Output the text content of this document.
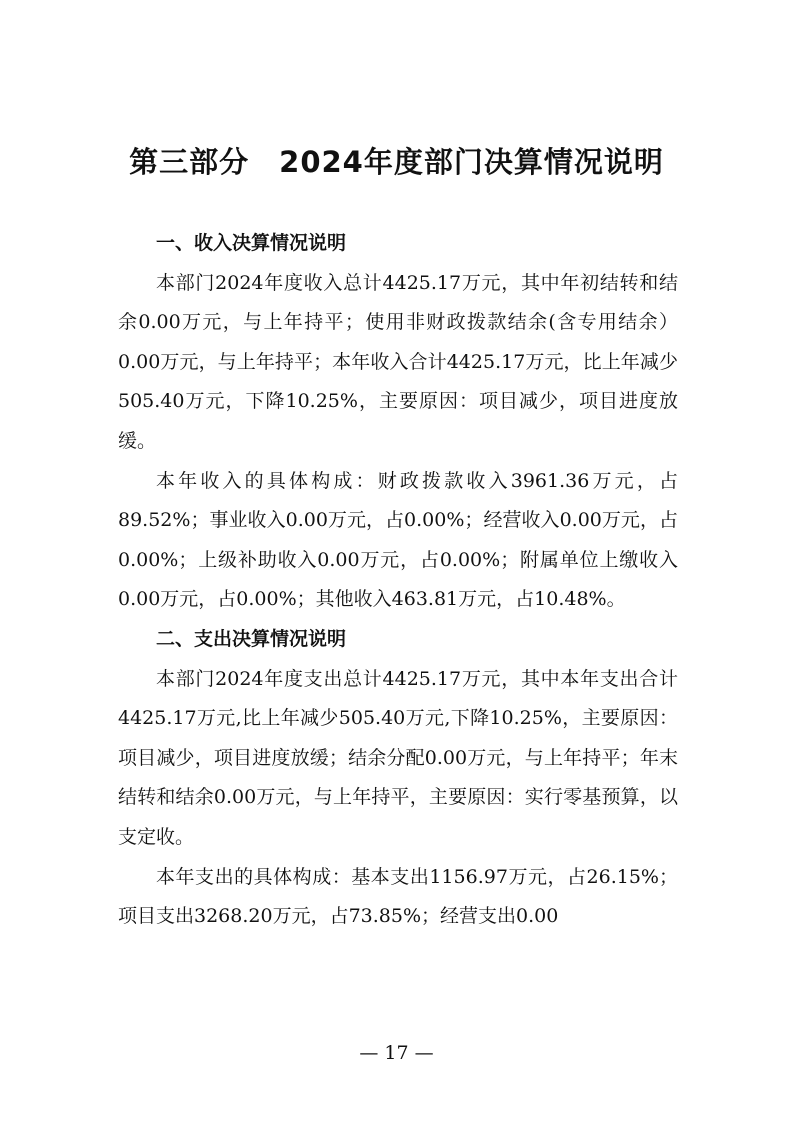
第三部分　2024年度部门决算情况说明

一、收入决算情况说明

本部门2024年度收入总计4425.17万元，其中年初结转和结余0.00万元，与上年持平；使用非财政拨款结余(含专用结余）0.00万元，与上年持平；本年收入合计4425.17万元，比上年减少505.40万元，下降10.25%，主要原因：项目减少，项目进度放缓。

本年收入的具体构成：财政拨款收入3961.36万元，占89.52%；事业收入0.00万元，占0.00%；经营收入0.00万元，占0.00%；上级补助收入0.00万元，占0.00%；附属单位上缴收入0.00万元，占0.00%；其他收入463.81万元，占10.48%。

二、支出决算情况说明

本部门2024年度支出总计4425.17万元，其中本年支出合计4425.17万元,比上年减少505.40万元,下降10.25%，主要原因：项目减少，项目进度放缓；结余分配0.00万元，与上年持平；年末结转和结余0.00万元，与上年持平，主要原因：实行零基预算，以支定收。

本年支出的具体构成：基本支出1156.97万元，占26.15%；项目支出3268.20万元，占73.85%；经营支出0.00

— 17 —
